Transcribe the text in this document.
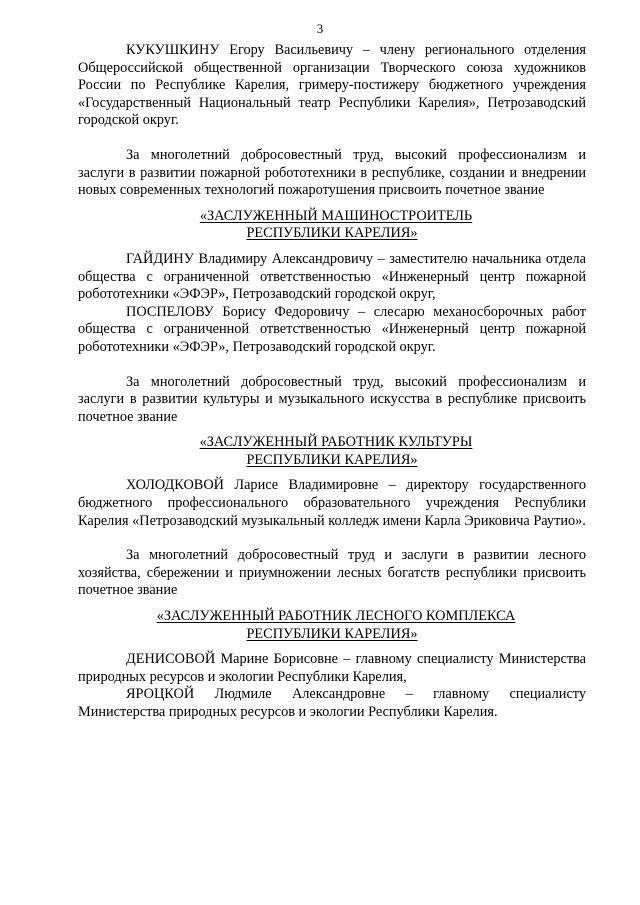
3

КУКУШКИНУ Егору Васильевичу – члену регионального отделения Общероссийской общественной организации Творческого союза художников России по Республике Карелия, гримеру-постижеру бюджетного учреждения «Государственный Национальный театр Республики Карелия», Петрозаводский городской округ.

За многолетний добросовестный труд, высокий профессионализм и заслуги в развитии пожарной робототехники в республике, создании и внедрении новых современных технологий пожаротушения присвоить почетное звание

«ЗАСЛУЖЕННЫЙ МАШИНОСТРОИТЕЛЬ
РЕСПУБЛИКИ КАРЕЛИЯ»

ГАЙДИНУ Владимиру Александровичу – заместителю начальника отдела общества с ограниченной ответственностью «Инженерный центр пожарной робототехники «ЭФЭР», Петрозаводский городской округ,

ПОСПЕЛОВУ Борису Федоровичу – слесарю механосборочных работ общества с ограниченной ответственностью «Инженерный центр пожарной робототехники «ЭФЭР», Петрозаводский городской округ.

За многолетний добросовестный труд, высокий профессионализм и заслуги в развитии культуры и музыкального искусства в республике присвоить почетное звание

«ЗАСЛУЖЕННЫЙ РАБОТНИК КУЛЬТУРЫ
РЕСПУБЛИКИ КАРЕЛИЯ»

ХОЛОДКОВОЙ Ларисе Владимировне – директору государственного бюджетного профессионального образовательного учреждения Республики Карелия «Петрозаводский музыкальный колледж имени Карла Эриковича Раутио».

За многолетний добросовестный труд и заслуги в развитии лесного хозяйства, сбережении и приумножении лесных богатств республики присвоить почетное звание

«ЗАСЛУЖЕННЫЙ РАБОТНИК ЛЕСНОГО КОМПЛЕКСА
РЕСПУБЛИКИ КАРЕЛИЯ»

ДЕНИСОВОЙ Марине Борисовне – главному специалисту Министерства природных ресурсов и экологии Республики Карелия,

ЯРОЦКОЙ Людмиле Александровне – главному специалисту Министерства природных ресурсов и экологии Республики Карелия.
